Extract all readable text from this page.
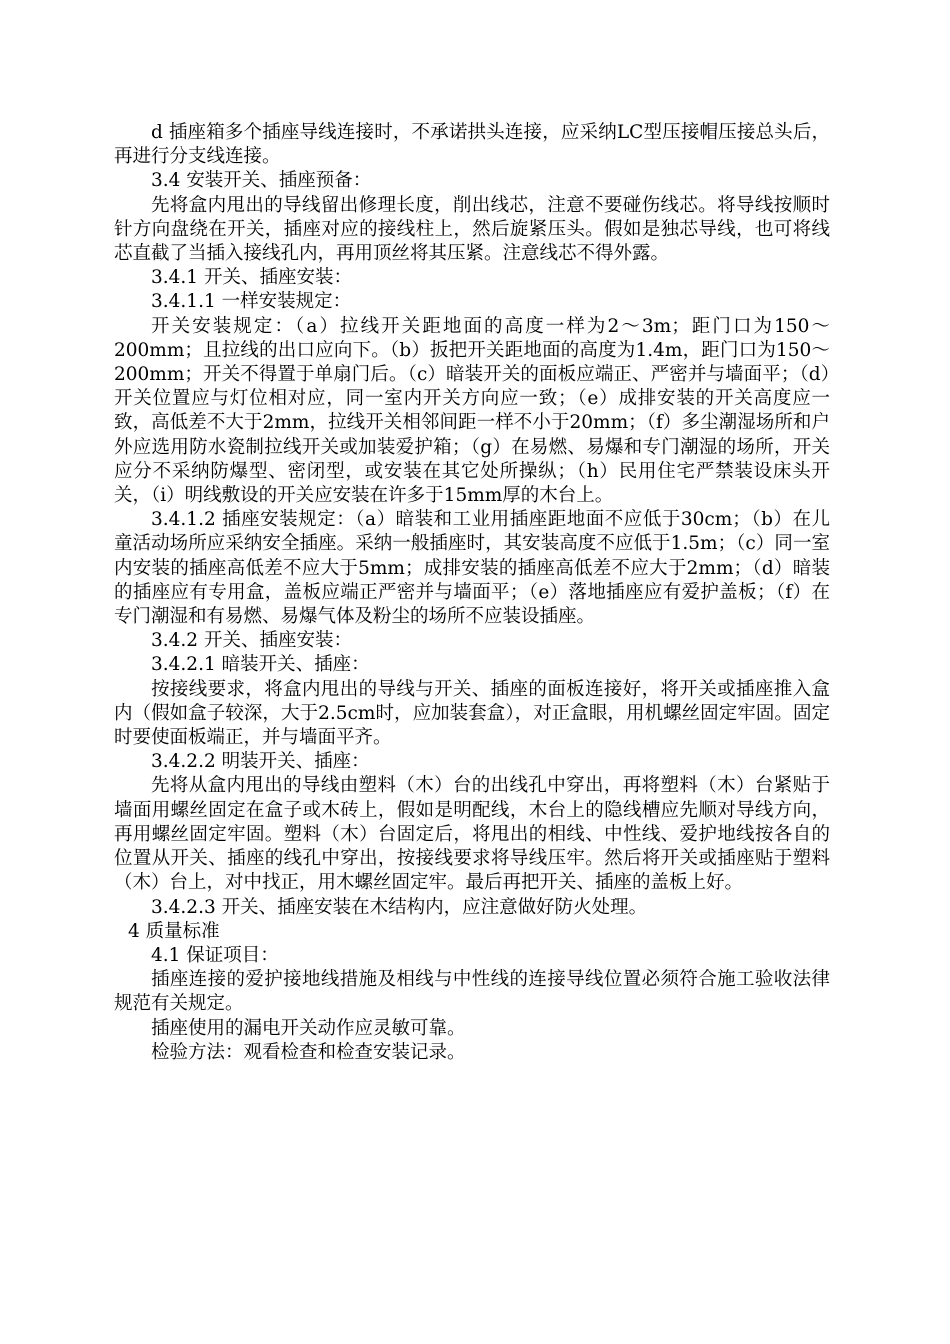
d 插座箱多个插座导线连接时，不承诺拱头连接，应采纳LC型压接帽压接总头后，再进行分支线连接。

3.4 安装开关、插座预备：

先将盒内甩出的导线留出修理长度，削出线芯，注意不要碰伤线芯。将导线按顺时针方向盘绕在开关，插座对应的接线柱上，然后旋紧压头。假如是独芯导线，也可将线芯直截了当插入接线孔内，再用顶丝将其压紧。注意线芯不得外露。

3.4.1 开关、插座安装：

3.4.1.1 一样安装规定：

开关安装规定：（a）拉线开关距地面的高度一样为2～3m；距门口为150～200mm；且拉线的出口应向下。（b）扳把开关距地面的高度为1.4m，距门口为150～200mm；开关不得置于单扇门后。（c）暗装开关的面板应端正、严密并与墙面平；（d）开关位置应与灯位相对应，同一室内开关方向应一致；（e）成排安装的开关高度应一致，高低差不大于2mm，拉线开关相邻间距一样不小于20mm；（f）多尘潮湿场所和户外应选用防水瓷制拉线开关或加装爱护箱；（g）在易燃、易爆和专门潮湿的场所，开关应分不采纳防爆型、密闭型，或安装在其它处所操纵；（h）民用住宅严禁装设床头开关，（i）明线敷设的开关应安装在许多于15mm厚的木台上。

3.4.1.2 插座安装规定：（a）暗装和工业用插座距地面不应低于30cm；（b）在儿童活动场所应采纳安全插座。采纳一般插座时，其安装高度不应低于1.5m；（c）同一室内安装的插座高低差不应大于5mm；成排安装的插座高低差不应大于2mm；（d）暗装的插座应有专用盒，盖板应端正严密并与墙面平；（e）落地插座应有爱护盖板；（f）在专门潮湿和有易燃、易爆气体及粉尘的场所不应装设插座。

3.4.2 开关、插座安装：

3.4.2.1 暗装开关、插座：

按接线要求，将盒内甩出的导线与开关、插座的面板连接好，将开关或插座推入盒内（假如盒子较深，大于2.5cm时，应加装套盒），对正盒眼，用机螺丝固定牢固。固定时要使面板端正，并与墙面平齐。

3.4.2.2 明装开关、插座：

先将从盒内甩出的导线由塑料（木）台的出线孔中穿出，再将塑料（木）台紧贴于墙面用螺丝固定在盒子或木砖上，假如是明配线，木台上的隐线槽应先顺对导线方向，再用螺丝固定牢固。塑料（木）台固定后，将甩出的相线、中性线、爱护地线按各自的位置从开关、插座的线孔中穿出，按接线要求将导线压牢。然后将开关或插座贴于塑料（木）台上，对中找正，用木螺丝固定牢。最后再把开关、插座的盖板上好。

3.4.2.3 开关、插座安装在木结构内，应注意做好防火处理。

4 质量标准

4.1 保证项目：

插座连接的爱护接地线措施及相线与中性线的连接导线位置必须符合施工验收法律规范有关规定。

插座使用的漏电开关动作应灵敏可靠。

检验方法：观看检查和检查安装记录。
